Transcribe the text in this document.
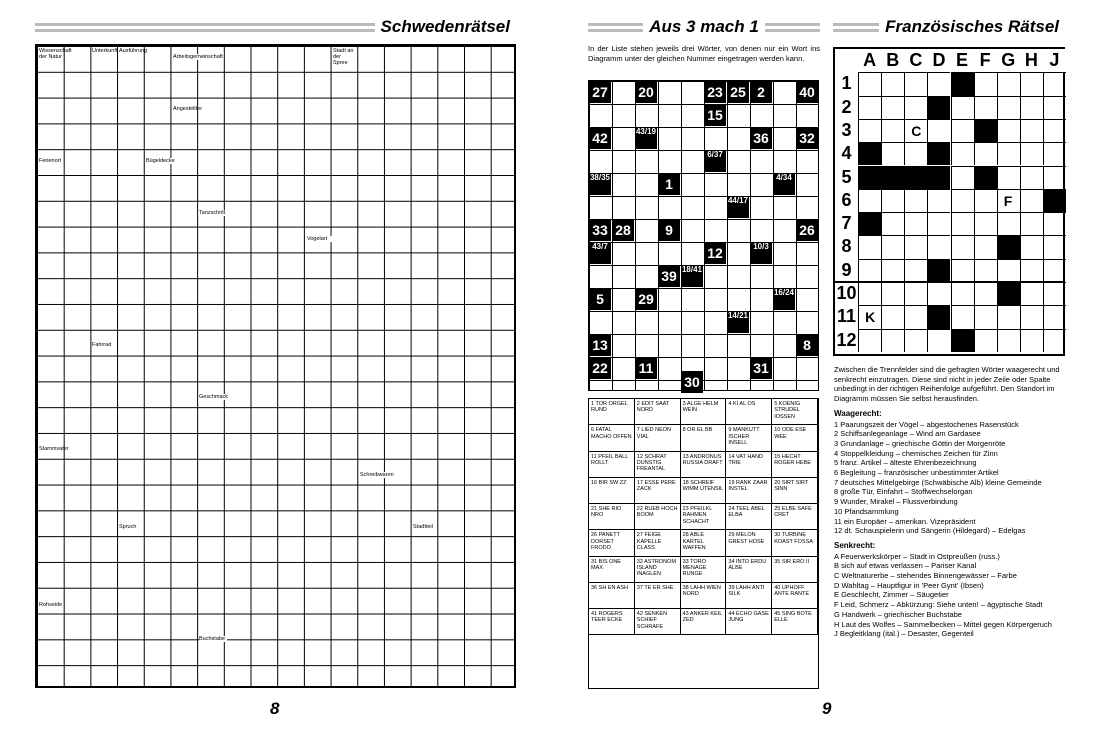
Schwedenrätsel
Wissenschaft der Natur
Unterkunft Ausführung
Arbeitsgemeinschaft
Stadt an der Spree
Angestellter
Bügeldecke
Ferienort
Tanzschritt
Vogelart
Fahrrad
Geschmack
Stammvater
Schreibwaren
Spruch	Stadtteil
Rohseide
Buchstabe
8
Aus 3 mach 1
In der Liste stehen jeweils drei Wörter, von denen nur ein Wort ins Diagramm unter der gleichen Nummer eingetragen werden kann.
27 20	23 25 2	40
15
42	43/19	36 32
6/37
38/35	1	4/34
44/17
33 28	9	26
43/7	12	10/3
39 18/41
5	29	16/24
14/21
13	8
22 11	31
30
1 TOR ORGEL RUND
2 EDIT SAAT NORD
3 ALGE HELM WEIN
4 KI AL OS	5 KOENIG STRUDEL IOSSEN
6 FATAL MACHO OFFEN
7 LIED NEON VIAL
8 OR EL BB	9 MANKUTT ISCHER INSELL
10 ODE ESE WEE
11 PFEIL BALL ROLLT
12 SCHRAT DUNSTIG FREANTAL
13 ANDRONUS RUSSIA DRAFT
14 VAT HAND TRIE
15 HECHT ROGER HEBE
16 BIR SW ZZ	17 ESSE PERE ZACK
18 SCHREIF WIMM UTENSIL
19 RANK ZAAR INSTEL
20 SIRT SIRT SINN
21 SHE RIO NRO
22 RUEB HOCH BOOM
23 PFEILKL RAHMEN SCHACHT
24 TEEL ABEL ELBA
25 ELBE SAFE CRET
26 PANETT DORSET FRODO
27 FEIGE KAPELLE CLASS
28 ABLE KARTEL WAFFEN
29 MELON GREST HOSE
30 TURBINE KOAST FOSSA
31 BIS ONE MAX
32 ASTRONOM ISLAND INAGLEN
33 TORO MENAGE RUNGE
34 INTO ERDU ALBE
35 SIR ERO II
36 SH EN ASH	37 TE ER SHE	38 LAHH WIEN NORD
39 LAHH ANTI SILK
40 UPHOFF ANTE RANTE
41 ROGERS TEER ECKE
42 SENKEN SCHIEF SCHRAFE
43 ANKER KEIL ZED
44 ECHO GASE JUNG
45 SING BOTE ELLE
Französisches Rätsel
A B C D E F G H J
1
2
3
4
5
6
7
8
9
10
11
12
C
F
K

Zwischen die Trennfelder sind die gefragten Wörter waagerecht und senkrecht einzutragen. Diese sind nicht in jeder Zeile oder Spalte unbedingt in der richtigen Reihenfolge aufgeführt. Den Standort im Diagramm müssen Sie selbst herausfinden.

Waagerecht:

1 Paarungszeit der Vögel – abgestochenes Rasenstück

2 Schiffsanlegeanlage – Wind am Gardasee

3 Grundanlage – griechische Göttin der Morgenröte

4 Stoppelkleidung – chemisches Zeichen für Zinn

5 franz. Artikel – älteste Ehrenbezeichnung

6 Begleitung – französischer unbestimmter Artikel

7 deutsches Mittelgebirge (Schwäbische Alb) kleine Gemeinde

8 große Tür, Einfahrt – Stoffwechselorgan

9 Wunder, Mirakel – Flussverbindung

10 Pfandsammlung

11 ein Europäer – amerikan. Vizepräsident

12 dt. Schauspielerin und Sängerin (Hildegard) – Edelgas

Senkrecht:

A Feuerwerkskörper – Stadt in Ostpreußen (russ.)

B sich auf etwas verlassen – Pariser Kanal

C Weltnaturerbe – stehendes Binnengewässer – Farbe

D Wahltag – Hauptfigur in 'Peer Gynt' (Ibsen)

E Geschlecht, Zimmer – Säugetier

F Leid, Schmerz – Abkürzung: Siehe unten! – ägyptische Stadt

G Handwerk – griechischer Buchstabe

H Laut des Wolfes – Sammelbecken – Mittel gegen Körpergeruch

J Begleitklang (ital.) – Desaster, Gegenteil

9
